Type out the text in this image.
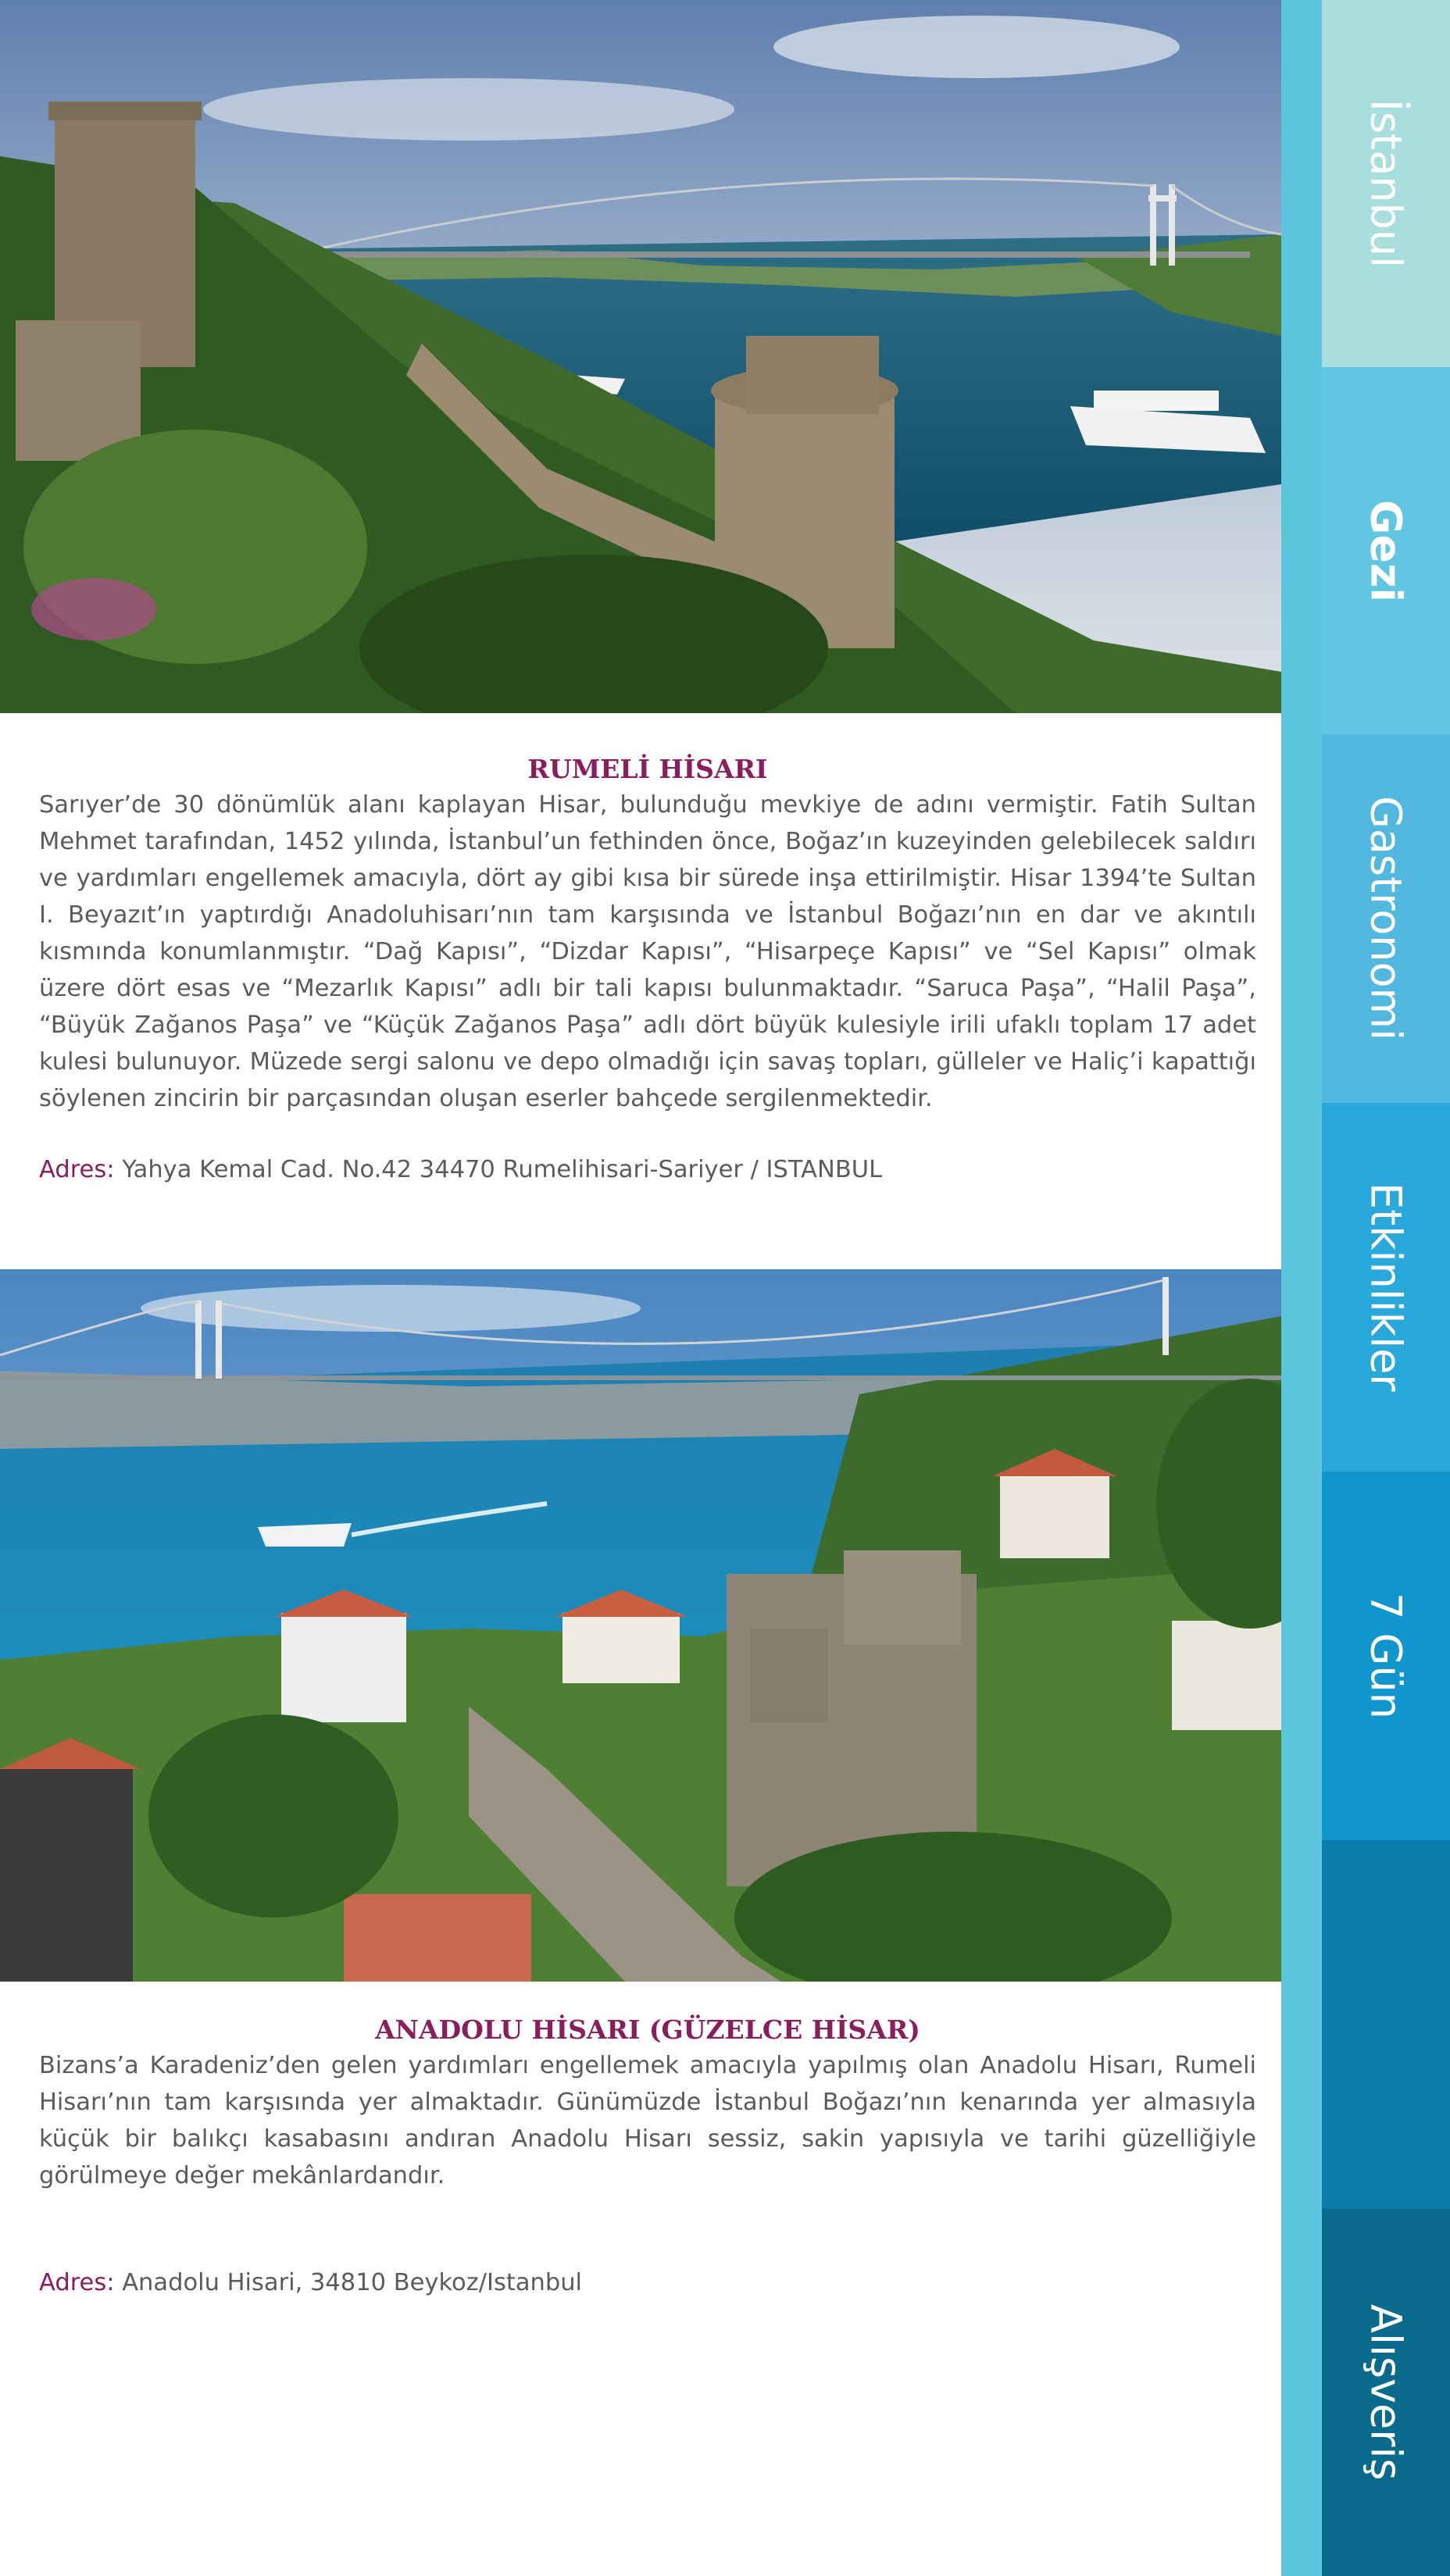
RUMELİ HİSARI

Sarıyer’de 30 dönümlük alanı kaplayan Hisar, bulunduğu mevkiye de adını vermiştir. Fatih Sultan Mehmet tarafından, 1452 yılında, İstanbul’un fethinden önce, Boğaz’ın kuzeyinden gelebilecek saldırı ve yardımları engellemek amacıyla, dört ay gibi kısa bir sürede inşa ettirilmiştir. Hisar 1394’te Sultan I. Beyazıt’ın yaptırdığı Anadoluhisarı’nın tam karşısında ve İstanbul Boğazı’nın en dar ve akıntılı kısmında konumlanmıştır. “Dağ Kapısı”, “Dizdar Kapısı”, “Hisarpeçe Kapısı” ve “Sel Kapısı” olmak üzere dört esas ve “Mezarlık Kapısı” adlı bir tali kapısı bulunmaktadır. “Saruca Paşa”, “Halil Paşa”, “Büyük Zağanos Paşa” ve “Küçük Zağanos Paşa” adlı dört büyük kulesiyle irili ufaklı toplam 17 adet kulesi bulunuyor. Müzede sergi salonu ve depo olmadığı için savaş topları, gülleler ve Haliç’i kapattığı söylenen zincirin bir parçasından oluşan eserler bahçede sergilenmektedir.

Adres: Yahya Kemal Cad. No.42 34470 Rumelihisari-Sariyer / ISTANBUL
ANADOLU HİSARI (GÜZELCE HİSAR)

Bizans’a Karadeniz’den gelen yardımları engellemek amacıyla yapılmış olan Anadolu Hisarı, Rumeli Hisarı’nın tam karşısında yer almaktadır. Günümüzde İstanbul Boğazı’nın kenarında yer almasıyla küçük bir balıkçı kasabasını andıran Anadolu Hisarı sessiz, sakin yapısıyla ve tarihi güzelliğiyle görülmeye değer mekânlardandır.

Adres: Anadolu Hisari, 34810 Beykoz/Istanbul
İstanbul
Gezi
Gastronomi
Etkinlikler
7 Gün
Alışveriş
